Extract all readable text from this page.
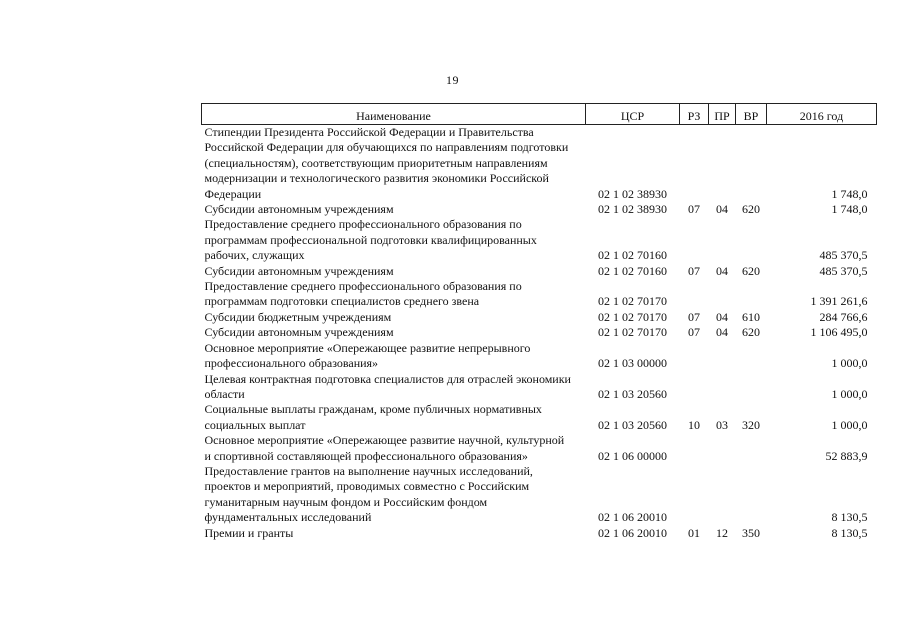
19
Наименование	ЦСР	РЗ	ПР	ВР	2016 год
Стипендии Президента Российской Федерации и Правительства Российской Федерации для обучающихся по направлениям подготовки (специальностям), соответствующим приоритетным направлениям модернизации и технологического развития экономики Российской Федерации	02 1 02 38930				1 748,0
Субсидии автономным учреждениям	02 1 02 38930	07	04	620	1 748,0
Предоставление среднего профессионального образования по программам профессиональной подготовки квалифицированных рабочих, служащих	02 1 02 70160				485 370,5
Субсидии автономным учреждениям	02 1 02 70160	07	04	620	485 370,5
Предоставление среднего профессионального образования по программам подготовки специалистов среднего звена	02 1 02 70170				1 391 261,6
Субсидии бюджетным учреждениям	02 1 02 70170	07	04	610	284 766,6
Субсидии автономным учреждениям	02 1 02 70170	07	04	620	1 106 495,0
Основное мероприятие «Опережающее развитие непрерывного профессионального образования»	02 1 03 00000				1 000,0
Целевая контрактная подготовка специалистов для отраслей экономики области	02 1 03 20560				1 000,0
Социальные выплаты гражданам, кроме публичных нормативных социальных выплат	02 1 03 20560	10	03	320	1 000,0
Основное мероприятие «Опережающее развитие научной, культурной и спортивной составляющей профессионального образования»	02 1 06 00000				52 883,9
Предоставление грантов на выполнение научных исследований, проектов и мероприятий, проводимых совместно с Российским гуманитарным научным фондом и Российским фондом фундаментальных исследований	02 1 06 20010				8 130,5
Премии и гранты	02 1 06 20010	01	12	350	8 130,5
